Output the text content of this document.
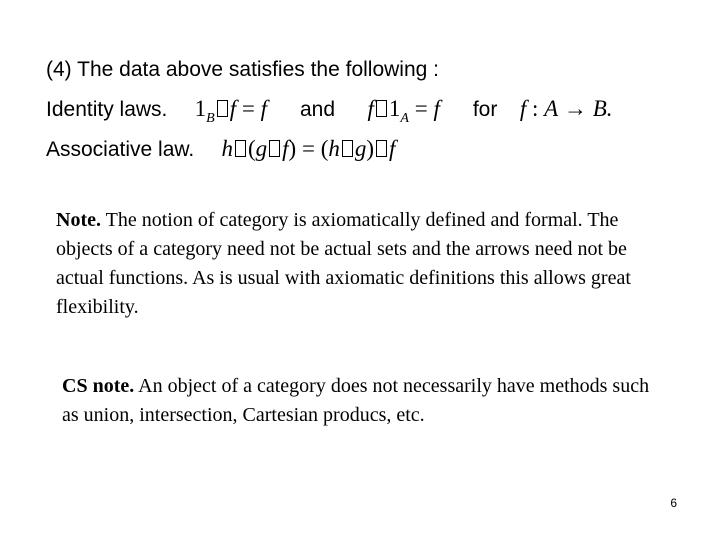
(4) The data above satisfies the following :
Identity laws. $1_B$ f = f and f $1_A = f$ for f : A → B.
Associative law. h (g f) = (h g) f

Note. The notion of category is axiomatically defined and formal. The objects of a category need not be actual sets and the arrows need not be actual functions. As is usual with axiomatic definitions this allows great flexibility.

CS note. An object of a category does not necessarily have methods such as union, intersection, Cartesian producs, etc.

6
